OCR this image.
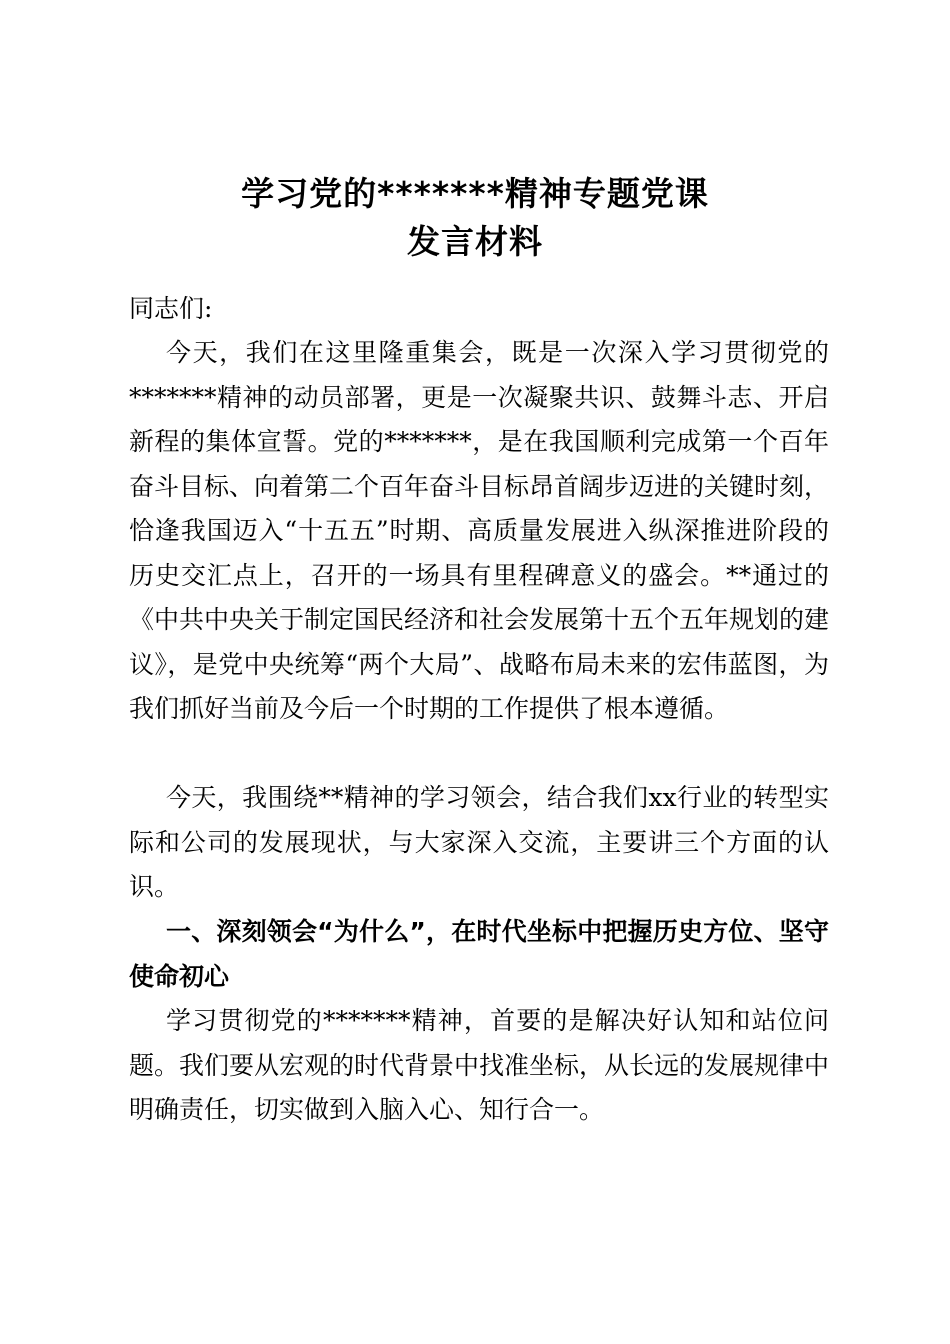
学习党的*******精神专题党课
发言材料
同志们:
今天，我们在这里隆重集会，既是一次深入学习贯彻党的*******精神的动员部署，更是一次凝聚共识、鼓舞斗志、开启新程的集体宣誓。党的*******，是在我国顺利完成第一个百年奋斗目标、向着第二个百年奋斗目标昂首阔步迈进的关键时刻，恰逢我国迈入“十五五”时期、高质量发展进入纵深推进阶段的历史交汇点上，召开的一场具有里程碑意义的盛会。**通过的《中共中央关于制定国民经济和社会发展第十五个五年规划的建议》，是党中央统筹“两个大局”、战略布局未来的宏伟蓝图，为我们抓好当前及今后一个时期的工作提供了根本遵循。
今天，我围绕**精神的学习领会，结合我们xx行业的转型实际和公司的发展现状，与大家深入交流，主要讲三个方面的认识。
一、深刻领会“为什么”，在时代坐标中把握历史方位、坚守使命初心
学习贯彻党的*******精神，首要的是解决好认知和站位问题。我们要从宏观的时代背景中找准坐标，从长远的发展规律中明确责任，切实做到入脑入心、知行合一。
